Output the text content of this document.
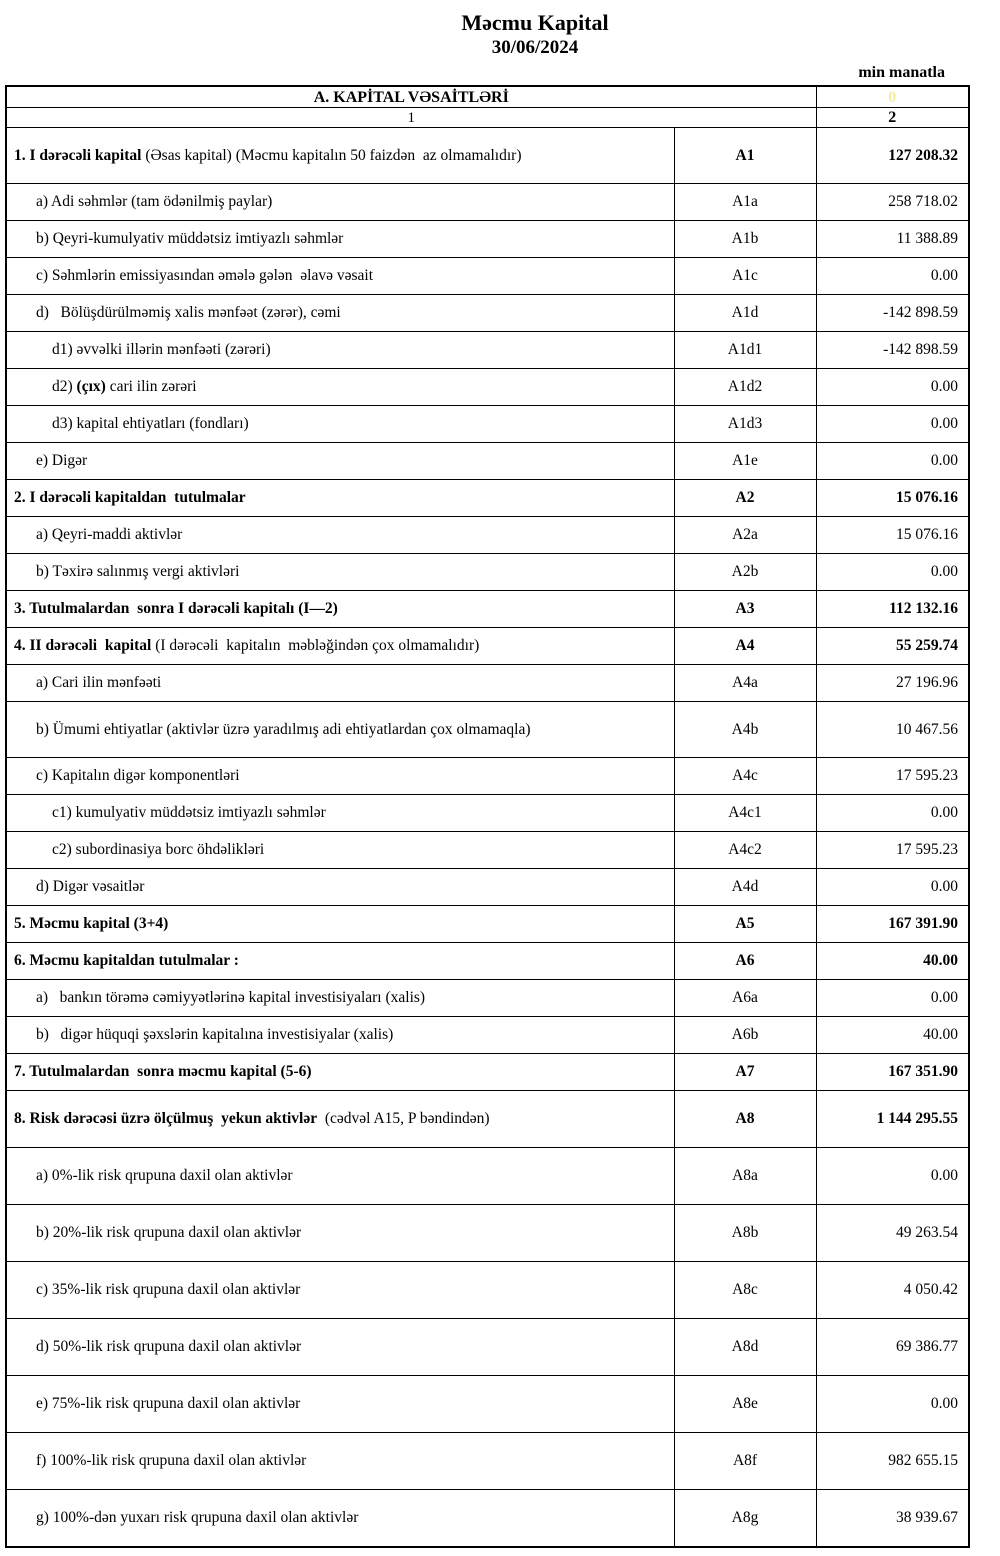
Məcmu Kapital
30/06/2024
min manatla
A. KAPİTAL VƏSAİTLƏRİ		0
1		2
1. I dərəcəli kapital (Əsas kapital) (Məcmu kapitalın 50 faizdən  az olmamalıdır)	A1	127 208.32
a) Adi səhmlər (tam ödənilmiş paylar)	A1a	258 718.02
b) Qeyri-kumulyativ müddətsiz imtiyazlı səhmlər	A1b	11 388.89
c) Səhmlərin emissiyasından əmələ gələn  əlavə vəsait	A1c	0.00
d)   Bölüşdürülməmiş xalis mənfəət (zərər), cəmi	A1d	-142 898.59
d1) əvvəlki illərin mənfəəti (zərəri)	A1d1	-142 898.59
d2) (çıx) cari ilin zərəri	A1d2	0.00
d3) kapital ehtiyatları (fondları)	A1d3	0.00
e) Digər	A1e	0.00
2. I dərəcəli kapitaldan  tutulmalar	A2	15 076.16
a) Qeyri-maddi aktivlər	A2a	15 076.16
b) Təxirə salınmış vergi aktivləri	A2b	0.00
3. Tutulmalardan  sonra I dərəcəli kapitalı (I—2)	A3	112 132.16
4. II dərəcəli  kapital (I dərəcəli  kapitalın  məbləğindən çox olmamalıdır)	A4	55 259.74
a) Cari ilin mənfəəti	A4a	27 196.96
b) Ümumi ehtiyatlar (aktivlər üzrə yaradılmış adi ehtiyatlardan çox olmamaqla)	A4b	10 467.56
c) Kapitalın digər komponentləri	A4c	17 595.23
c1) kumulyativ müddətsiz imtiyazlı səhmlər	A4c1	0.00
c2) subordinasiya borc öhdəlikləri	A4c2	17 595.23
d) Digər vəsaitlər	A4d	0.00
5. Məcmu kapital (3+4)	A5	167 391.90
6. Məcmu kapitaldan tutulmalar :	A6	40.00
a)   bankın törəmə cəmiyyətlərinə kapital investisiyaları (xalis)	A6a	0.00
b)   digər hüquqi şəxslərin kapitalına investisiyalar (xalis)	A6b	40.00
7. Tutulmalardan  sonra məcmu kapital (5-6)	A7	167 351.90
8. Risk dərəcəsi üzrə ölçülmuş  yekun aktivlər  (cədvəl A15, P bəndindən)	A8	1 144 295.55
a) 0%-lik risk qrupuna daxil olan aktivlər	A8a	0.00
b) 20%-lik risk qrupuna daxil olan aktivlər	A8b	49 263.54
c) 35%-lik risk qrupuna daxil olan aktivlər	A8c	4 050.42
d) 50%-lik risk qrupuna daxil olan aktivlər	A8d	69 386.77
e) 75%-lik risk qrupuna daxil olan aktivlər	A8e	0.00
f) 100%-lik risk qrupuna daxil olan aktivlər	A8f	982 655.15
g) 100%-dən yuxarı risk qrupuna daxil olan aktivlər	A8g	38 939.67
